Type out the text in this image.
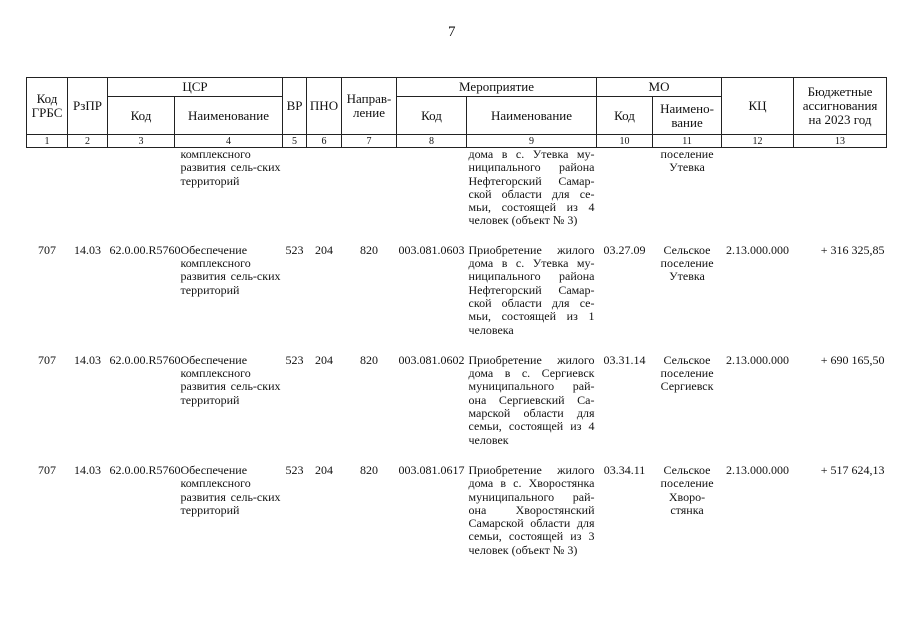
7
Код ГРБС	РзПР	ЦСР		ВР	ПНО	Направ-ление	Мероприятие		МО		КЦ	Бюджетные ассигнования на 2023 год
		Код	Наименование				Код	Наименование	Код	Наимено-вание		
1	2	3	4	5	6	7	8	9	10	11	12	13
			комплексного развития сель-ских территорий					дома в с. Утевка му-ниципального района Нефтегорский Самар-ской области для се-мьи, состоящей из 4 человек (объект № 3)		поселение Утевка		
707	14.03	62.0.00.R5760	Обеспечение комплексного развития сель-ских территорий	523	204	820	003.081.0603	Приобретение жилого дома в с. Утевка му-ниципального района Нефтегорский Самар-ской области для се-мьи, состоящей из 1 человека	03.27.09	Сельское поселение Утевка	2.13.000.000	+ 316 325,85
707	14.03	62.0.00.R5760	Обеспечение комплексного развития сель-ских территорий	523	204	820	003.081.0602	Приобретение жилого дома в с. Сергиевск муниципального рай-она Сергиевский Са-марской области для семьи, состоящей из 4 человек	03.31.14	Сельское поселение Сергиевск	2.13.000.000	+ 690 165,50
707	14.03	62.0.00.R5760	Обеспечение комплексного развития сель-ских территорий	523	204	820	003.081.0617	Приобретение жилого дома в с. Хворостянка муниципального рай-она Хворостянский Самарской области для семьи, состоящей из 3 человек (объект № 3)	03.34.11	Сельское поселение Хворо-стянка	2.13.000.000	+ 517 624,13
